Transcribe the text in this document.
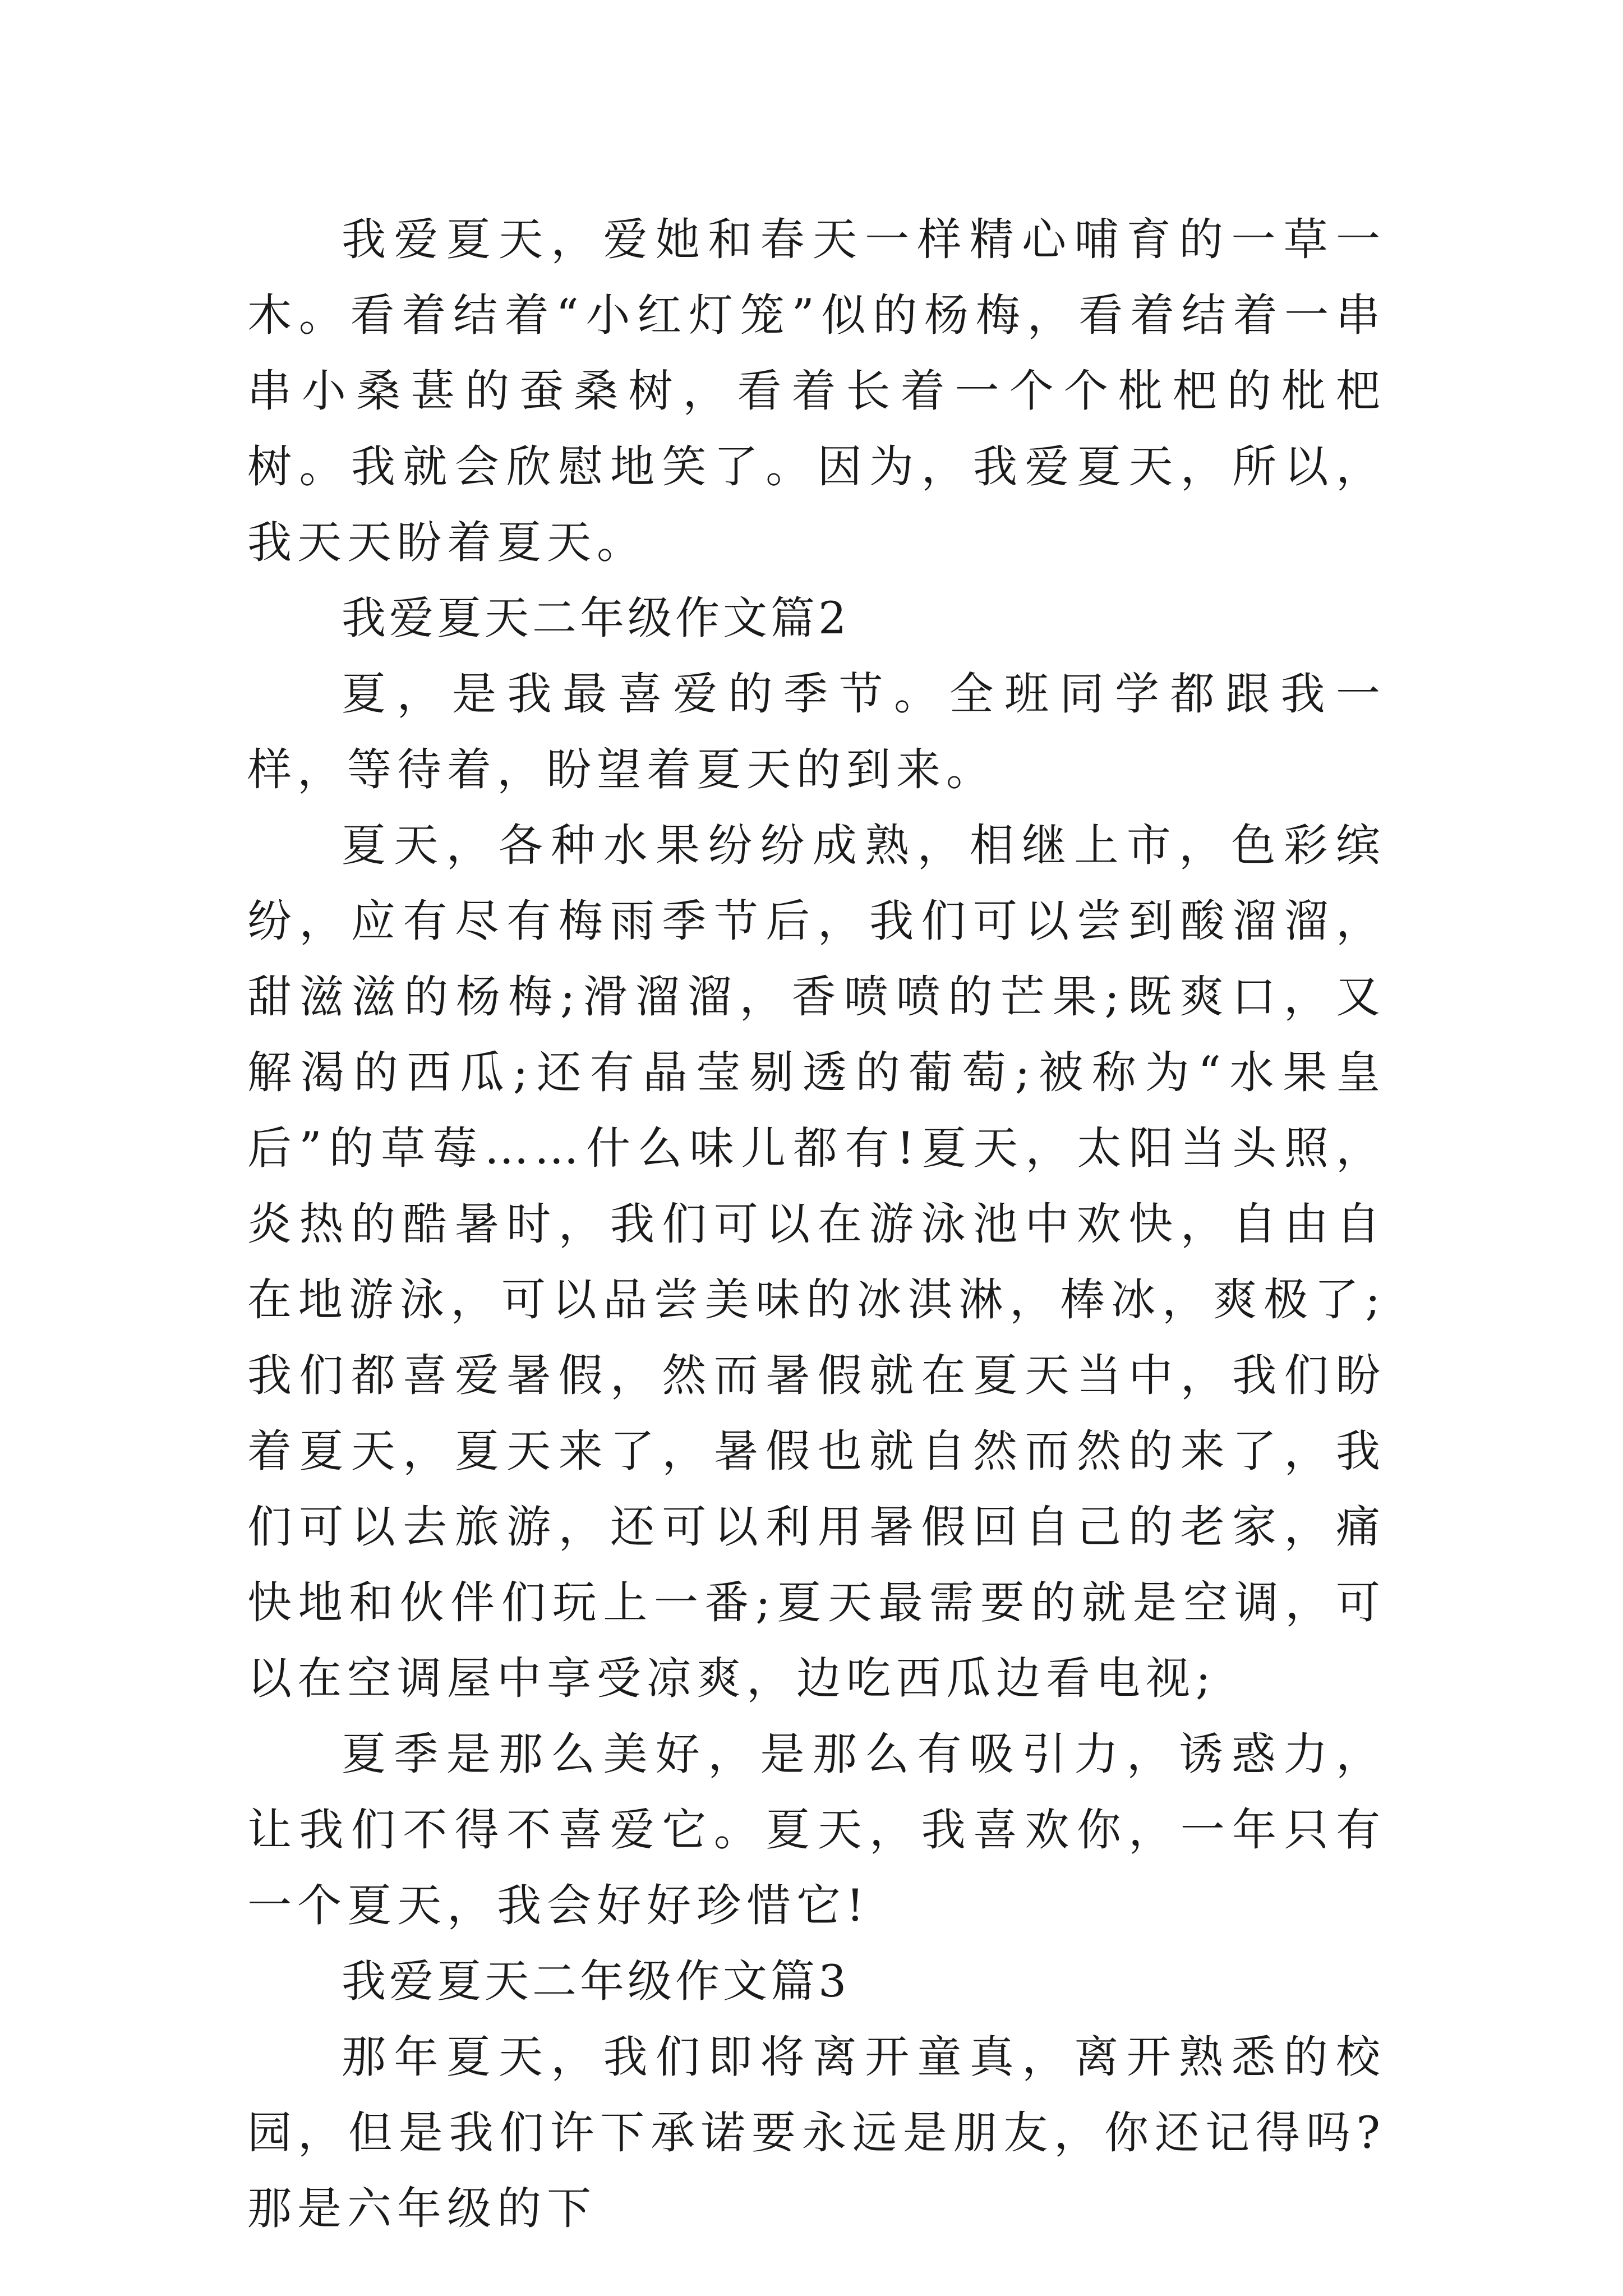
我爱夏天，爱她和春天一样精心哺育的一草一木。看着结着“小红灯笼”似的杨梅，看着结着一串串小桑葚的蚕桑树，看着长着一个个枇杷的枇杷树。我就会欣慰地笑了。因为，我爱夏天，所以，我天天盼着夏天。

我爱夏天二年级作文篇2

夏，是我最喜爱的季节。全班同学都跟我一样，等待着，盼望着夏天的到来。

夏天，各种水果纷纷成熟，相继上市，色彩缤纷，应有尽有梅雨季节后，我们可以尝到酸溜溜，甜滋滋的杨梅;滑溜溜，香喷喷的芒果;既爽口，又解渴的西瓜;还有晶莹剔透的葡萄;被称为“水果皇后”的草莓……什么味儿都有!夏天，太阳当头照，炎热的酷暑时，我们可以在游泳池中欢快，自由自在地游泳，可以品尝美味的冰淇淋，棒冰，爽极了;我们都喜爱暑假，然而暑假就在夏天当中，我们盼着夏天，夏天来了，暑假也就自然而然的来了，我们可以去旅游，还可以利用暑假回自己的老家，痛快地和伙伴们玩上一番;夏天最需要的就是空调，可以在空调屋中享受凉爽，边吃西瓜边看电视;

夏季是那么美好，是那么有吸引力，诱惑力，让我们不得不喜爱它。夏天，我喜欢你，一年只有一个夏天，我会好好珍惜它!

我爱夏天二年级作文篇3

那年夏天，我们即将离开童真，离开熟悉的校园，但是我们许下承诺要永远是朋友，你还记得吗?那是六年级的下
